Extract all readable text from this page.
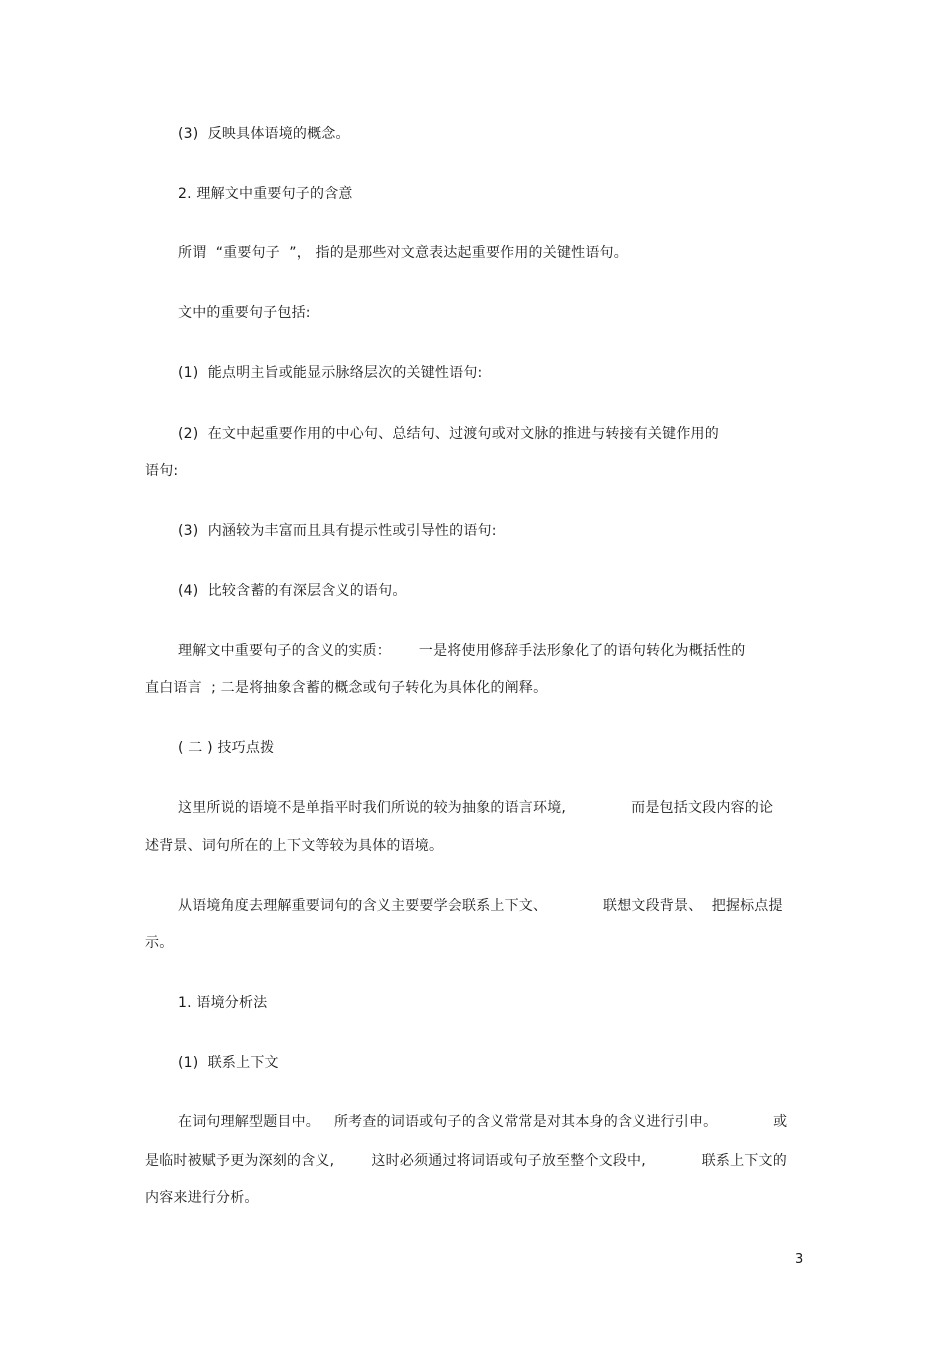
(3)  反映具体语境的概念。
2. 理解文中重要句子的含意
所谓  “重要句子  ”， 指的是那些对文意表达起重要作用的关键性语句。
文中的重要句子包括:
(1)  能点明主旨或能显示脉络层次的关键性语句:
(2)  在文中起重要作用的中心句、总结句、过渡句或对文脉的推进与转接有关键作用的
语句:
(3)  内涵较为丰富而且具有提示性或引导性的语句:
(4)  比较含蓄的有深层含义的语句。
理解文中重要句子的含义的实质：      一是将使用修辞手法形象化了的语句转化为概括性的
直白语言  ; 二是将抽象含蓄的概念或句子转化为具体化的阐释。
( 二 ) 技巧点拨
这里所说的语境不是单指平时我们所说的较为抽象的语言环境,              而是包括文段内容的论
述背景、词句所在的上下文等较为具体的语境。
从语境角度去理解重要词句的含义主要要学会联系上下文、            联想文段背景、  把握标点提
示。
1. 语境分析法
(1)  联系上下文
在词句理解型题目中。   所考查的词语或句子的含义常常是对其本身的含义进行引申。            或
是临时被赋予更为深刻的含义,        这时必须通过将词语或句子放至整个文段中,            联系上下文的
内容来进行分析。
3
